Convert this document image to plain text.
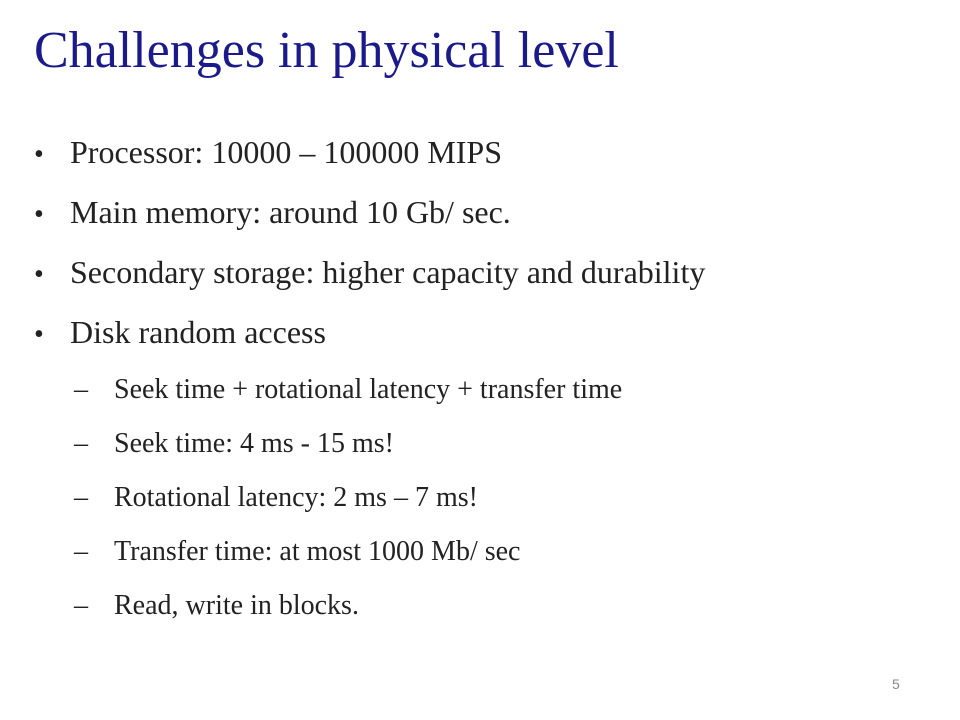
Challenges in physical level
• Processor: 10000 – 100000 MIPS
• Main memory: around 10 Gb/ sec.
• Secondary storage: higher capacity and durability
• Disk random access
– Seek time + rotational latency + transfer time
– Seek time: 4 ms - 15 ms!
– Rotational latency: 2 ms – 7 ms!
– Transfer time: at most 1000 Mb/ sec
– Read, write in blocks.
5
